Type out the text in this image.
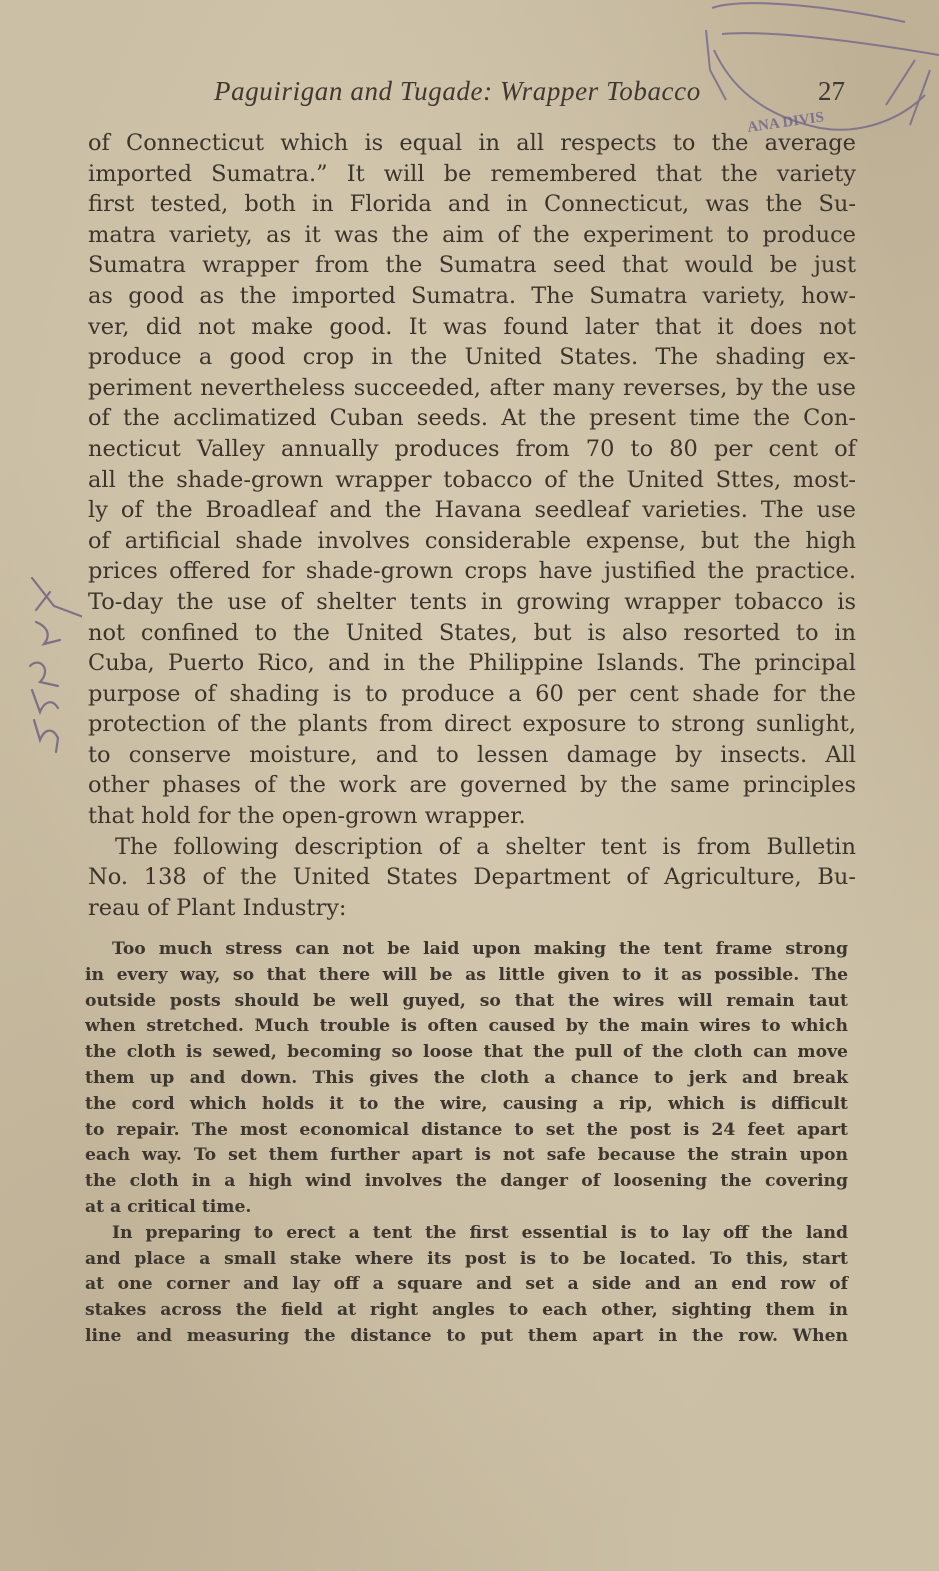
Paguirigan and Tugade: Wrapper Tobacco	27
ANA DIVIS
of Connecticut which is equal in all respects to the average
imported Sumatra.” It will be remembered that the variety
first tested, both in Florida and in Connecticut, was the Su-
matra variety, as it was the aim of the experiment to produce
Sumatra wrapper from the Sumatra seed that would be just
as good as the imported Sumatra. The Sumatra variety, how-
ver, did not make good. It was found later that it does not
produce a good crop in the United States. The shading ex-
periment nevertheless succeeded, after many reverses, by the use
of the acclimatized Cuban seeds. At the present time the Con-
necticut Valley annually produces from 70 to 80 per cent of
all the shade-grown wrapper tobacco of the United Sttes, most-
ly of the Broadleaf and the Havana seedleaf varieties. The use
of artificial shade involves considerable expense, but the high
prices offered for shade-grown crops have justified the practice.
To-day the use of shelter tents in growing wrapper tobacco is
not confined to the United States, but is also resorted to in
Cuba, Puerto Rico, and in the Philippine Islands. The principal
purpose of shading is to produce a 60 per cent shade for the
protection of the plants from direct exposure to strong sunlight,
to conserve moisture, and to lessen damage by insects. All
other phases of the work are governed by the same principles
that hold for the open-grown wrapper.
The following description of a shelter tent is from Bulletin
No. 138 of the United States Department of Agriculture, Bu-
reau of Plant Industry:
Too much stress can not be laid upon making the tent frame strong
in every way, so that there will be as little given to it as possible. The
outside posts should be well guyed, so that the wires will remain taut
when stretched. Much trouble is often caused by the main wires to which
the cloth is sewed, becoming so loose that the pull of the cloth can move
them up and down. This gives the cloth a chance to jerk and break
the cord which holds it to the wire, causing a rip, which is difficult
to repair. The most economical distance to set the post is 24 feet apart
each way. To set them further apart is not safe because the strain upon
the cloth in a high wind involves the danger of loosening the covering
at a critical time.
In preparing to erect a tent the first essential is to lay off the land
and place a small stake where its post is to be located. To this, start
at one corner and lay off a square and set a side and an end row of
stakes across the field at right angles to each other, sighting them in
line and measuring the distance to put them apart in the row. When
